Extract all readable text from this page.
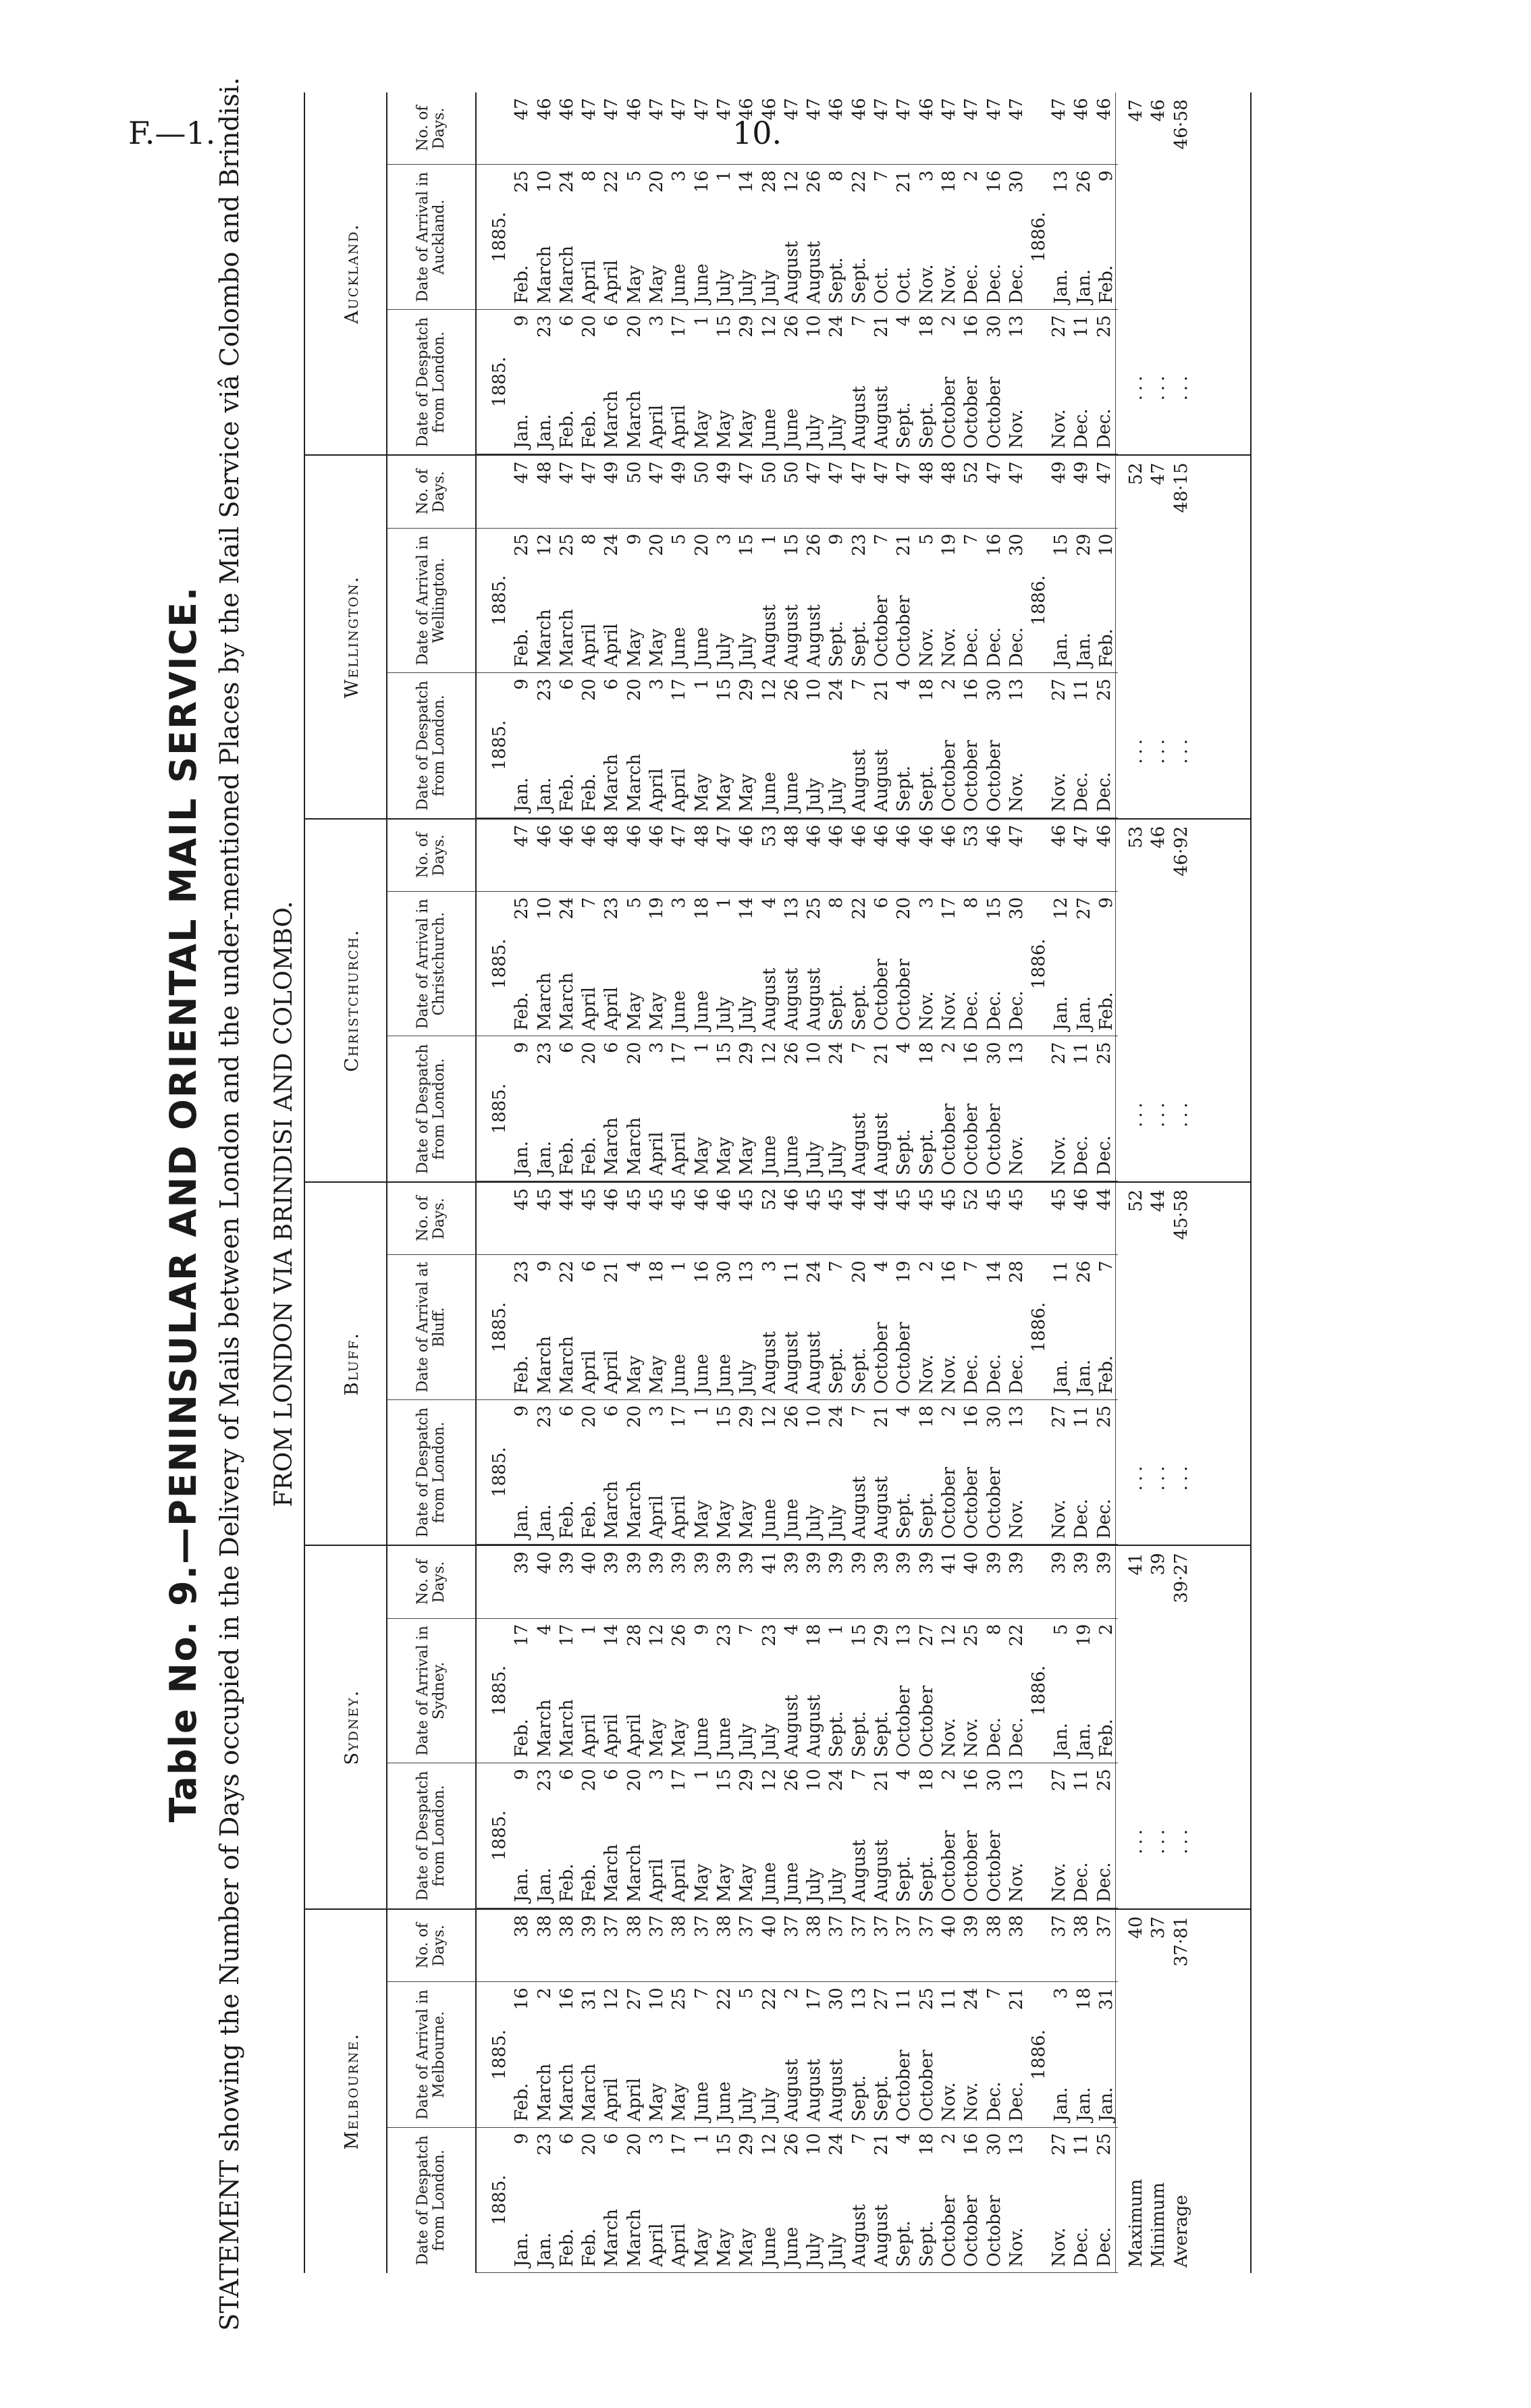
F.—1.	10.
Table No. 9.—PENINSULAR AND ORIENTAL MAIL SERVICE. STATEMENT showing the Number of Days occupied in the Delivery of Mails between London and the under-mentioned Places by the Mail Service viâ Colombo and Brindisi. FROM LONDON VIA BRINDISI AND COLOMBO.
Melbourne.
Date of Despatch from London.
Date of Arrival in Melbourne.
No. of Days.
1885.
Jan.
9
Jan.
23
Feb.
6
Feb.
20
March
6
March
20
April
3
April
17
May
1
May
15
May
29
June
12
June
26
July
10
July
24
August
7
August
21
Sept.
4
Sept.
18
October
2
October
16
October
30
Nov.
13
Nov.
27
Dec.
11
Dec.
25
1885.
Feb.
16
March
2
March
16
March
31
April
12
April
27
May
10
May
25
June
7
June
22
July
5
July
22
August
2
August
17
August
30
Sept.
13
Sept.
27
October
11
October
25
Nov.
11
Nov.
24
Dec.
7
Dec.
21
1886.
Jan.
3
Jan.
18
Jan.
31
38 38 38 39 37 38 37 38 37 38 37 40 37 38 37 37 37 37 37 40 39 38 38 37 38 37
Maximum
40
Minimum
37
Average
37·81
Sydney.
Date of Despatch from London.
Date of Arrival in Sydney.
No. of Days.
1885.
Jan.
9
Jan.
23
Feb.
6
Feb.
20
March
6
March
20
April
3
April
17
May
1
May
15
May
29
June
12
June
26
July
10
July
24
August
7
August
21
Sept.
4
Sept.
18
October
2
October
16
October
30
Nov.
13
Nov.
27
Dec.
11
Dec.
25
1885.
Feb.
17
March
4
March
17
April
1
April
14
April
28
May
12
May
26
June
9
June
23
July
7
July
23
August
4
August
18
Sept.
1
Sept.
15
Sept.
29
October
13
October
27
Nov.
12
Nov.
25
Dec.
8
Dec.
22
1886.
Jan.
5
Jan.
19
Feb.
2
39 40 39 40 39 39 39 39 39 39 39 41 39 39 39 39 39 39 39 41 40 39 39 39 39 39
...
41
...
39
...
39·27
Bluff.
Date of Despatch from London.
Date of Arrival at Bluff.
No. of Days.
1885.
Jan.
9
Jan.
23
Feb.
6
Feb.
20
March
6
March
20
April
3
April
17
May
1
May
15
May
29
June
12
June
26
July
10
July
24
August
7
August
21
Sept.
4
Sept.
18
October
2
October
16
October
30
Nov.
13
Nov.
27
Dec.
11
Dec.
25
1885.
Feb.
23
March
9
March
22
April
6
April
21
May
4
May
18
June
1
June
16
June
30
July
13
August
3
August
11
August
24
Sept.
7
Sept.
20
October
4
October
19
Nov.
2
Nov.
16
Dec.
7
Dec.
14
Dec.
28
1886.
Jan.
11
Jan.
26
Feb.
7
45 45 44 45 46 45 45 45 46 46 45 52 46 45 45 44 44 45 45 45 52 45 45 45 46 44
...
52
...
44
...
45·58
Christchurch.
Date of Despatch from London.
Date of Arrival in Christchurch.
No. of Days.
1885.
Jan.
9
Jan.
23
Feb.
6
Feb.
20
March
6
March
20
April
3
April
17
May
1
May
15
May
29
June
12
June
26
July
10
July
24
August
7
August
21
Sept.
4
Sept.
18
October
2
October
16
October
30
Nov.
13
Nov.
27
Dec.
11
Dec.
25
1885.
Feb.
25
March
10
March
24
April
7
April
23
May
5
May
19
June
3
June
18
July
1
July
14
August
4
August
13
August
25
Sept.
8
Sept.
22
October
6
October
20
Nov.
3
Nov.
17
Dec.
8
Dec.
15
Dec.
30
1886.
Jan.
12
Jan.
27
Feb.
9
47 46 46 46 48 46 46 47 48 47 46 53 48 46 46 46 46 46 46 46 53 46 47 46 47 46
...
53
...
46
...
46·92
Wellington.
Date of Despatch from London.
Date of Arrival in Wellington.
No. of Days.
1885.
Jan.
9
Jan.
23
Feb.
6
Feb.
20
March
6
March
20
April
3
April
17
May
1
May
15
May
29
June
12
June
26
July
10
July
24
August
7
August
21
Sept.
4
Sept.
18
October
2
October
16
October
30
Nov.
13
Nov.
27
Dec.
11
Dec.
25
1885.
Feb.
25
March
12
March
25
April
8
April
24
May
9
May
20
June
5
June
20
July
3
July
15
August
1
August
15
August
26
Sept.
9
Sept.
23
October
7
October
21
Nov.
5
Nov.
19
Dec.
7
Dec.
16
Dec.
30
1886.
Jan.
15
Jan.
29
Feb.
10
47 48 47 47 49 50 47 49 50 49 47 50 50 47 47 47 47 47 48 48 52 47 47 49 49 47
...
52
...
47
...
48·15
Auckland.
Date of Despatch from London.
Date of Arrival in Auckland.
No. of Days.
1885.
Jan.
9
Jan.
23
Feb.
6
Feb.
20
March
6
March
20
April
3
April
17
May
1
May
15
May
29
June
12
June
26
July
10
July
24
August
7
August
21
Sept.
4
Sept.
18
October
2
October
16
October
30
Nov.
13
Nov.
27
Dec.
11
Dec.
25
1885.
Feb.
25
March
10
March
24
April
8
April
22
May
5
May
20
June
3
June
16
July
1
July
14
July
28
August
12
August
26
Sept.
8
Sept.
22
Oct.
7
Oct.
21
Nov.
3
Nov.
18
Dec.
2
Dec.
16
Dec.
30
1886.
Jan.
13
Jan.
26
Feb.
9
47 46 46 47 47 46 47 47 47 47 46 46 47 47 46 46 47 47 46 47 47 47 47 47 46 46
...
47
...
46
...
46·58
